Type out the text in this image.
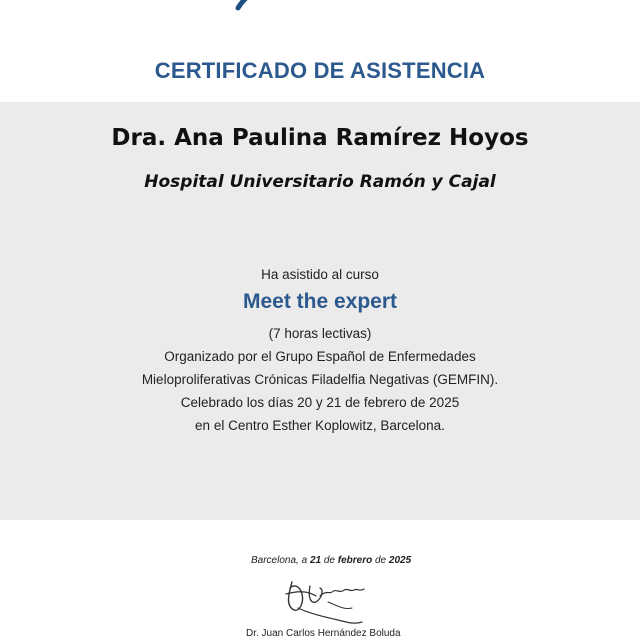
CERTIFICADO DE ASISTENCIA
Dra. Ana Paulina Ramírez Hoyos
Hospital Universitario Ramón y Cajal
Ha asistido al curso
Meet the expert
(7 horas lectivas)
Organizado por el Grupo Español de Enfermedades
Mieloproliferativas Crónicas Filadelfia Negativas (GEMFIN).
Celebrado los días 20 y 21 de febrero de 2025
en el Centro Esther Koplowitz, Barcelona.
Barcelona, a 21 de febrero de 2025
Dr. Juan Carlos Hernández Boluda
